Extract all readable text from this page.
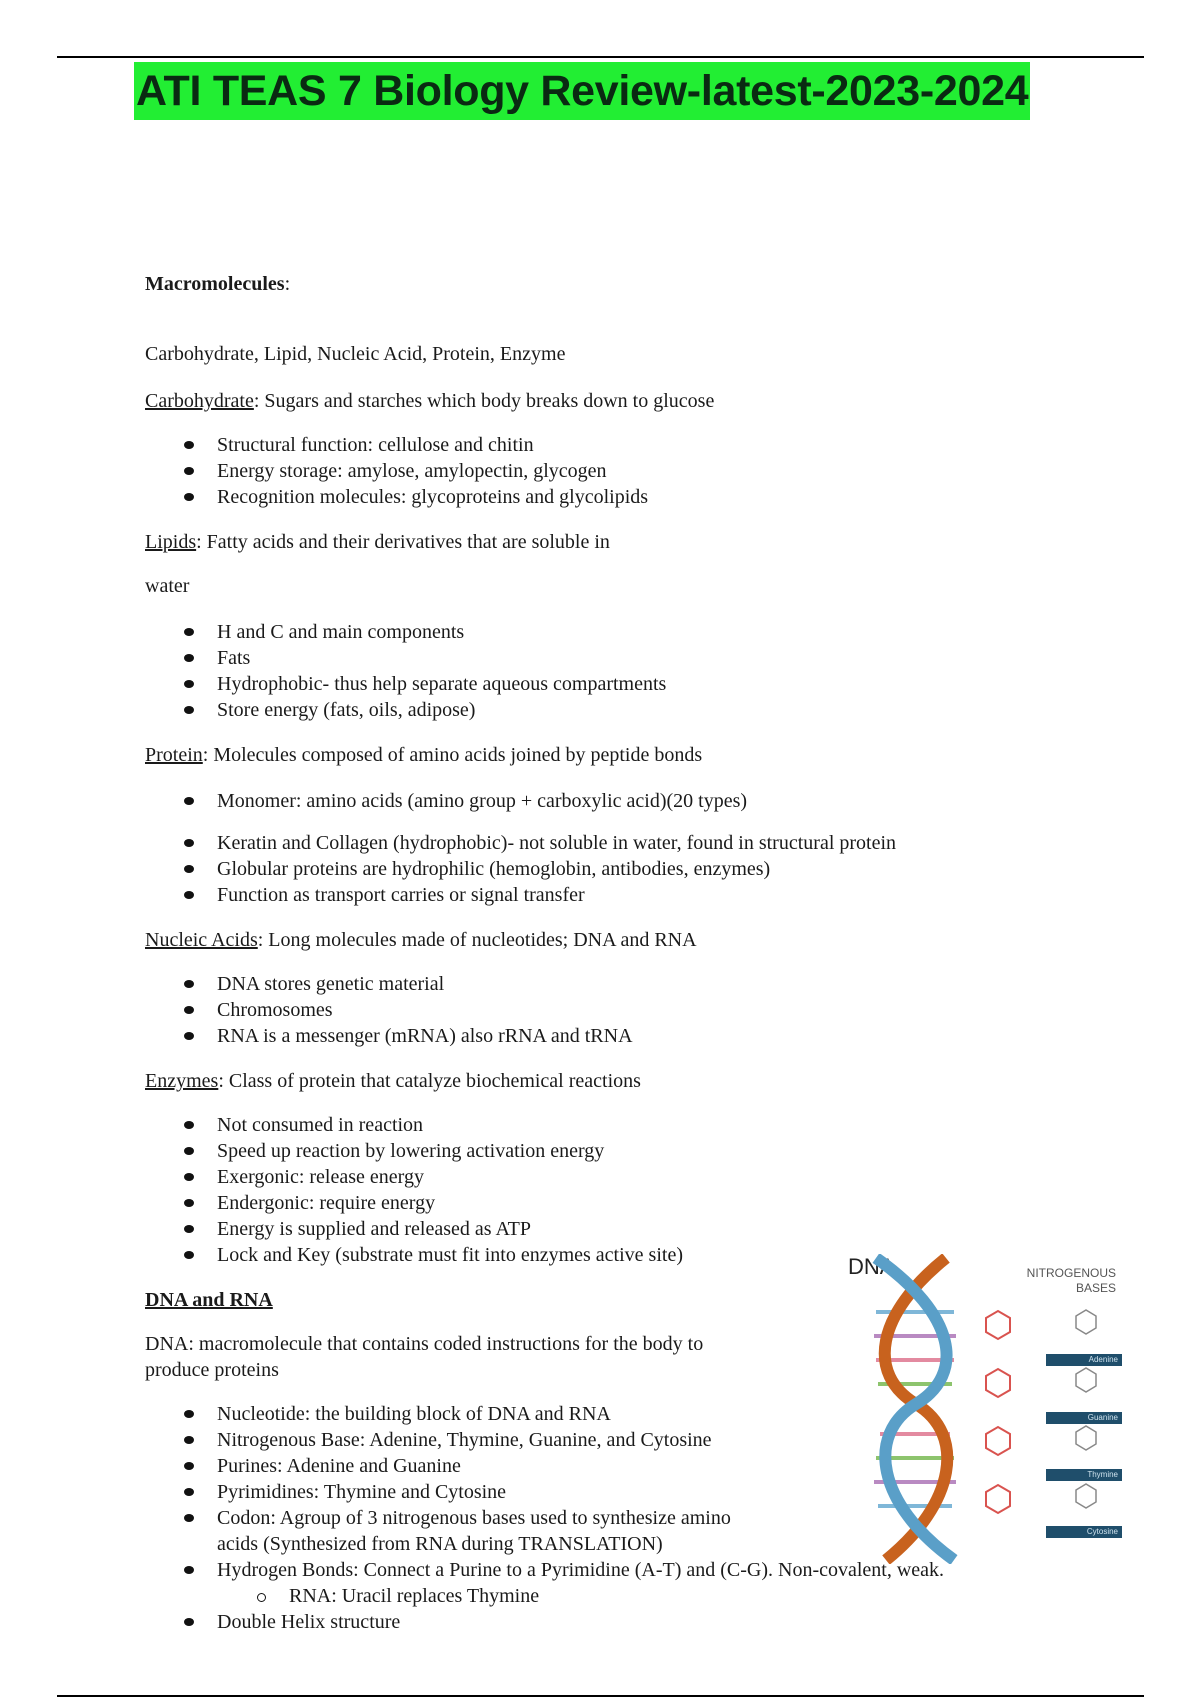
ATI TEAS 7 Biology Review-latest-2023-2024

Macromolecules:

Carbohydrate, Lipid, Nucleic Acid, Protein, Enzyme

Carbohydrate: Sugars and starches which body breaks down to glucose

Structural function: cellulose and chitin
Energy storage: amylose, amylopectin, glycogen
Recognition molecules: glycoproteins and glycolipids

Lipids: Fatty acids and their derivatives that are soluble in

water

H and C and main components
Fats
Hydrophobic- thus help separate aqueous compartments
Store energy (fats, oils, adipose)

Protein: Molecules composed of amino acids joined by peptide bonds

Monomer: amino acids (amino group + carboxylic acid)(20 types)
Keratin and Collagen (hydrophobic)- not soluble in water, found in structural protein
Globular proteins are hydrophilic (hemoglobin, antibodies, enzymes)
Function as transport carries or signal transfer

Nucleic Acids: Long molecules made of nucleotides; DNA and RNA

DNA stores genetic material
Chromosomes
RNA is a messenger (mRNA) also rRNA and tRNA

Enzymes: Class of protein that catalyze biochemical reactions

Not consumed in reaction
Speed up reaction by lowering activation energy
Exergonic: release energy
Endergonic: require energy
Energy is supplied and released as ATP
Lock and Key (substrate must fit into enzymes active site)

DNA and RNA

DNA: macromolecule that contains coded instructions for the body to

produce proteins

Nucleotide: the building block of DNA and RNA
Nitrogenous Base: Adenine, Thymine, Guanine, and Cytosine
Purines: Adenine and Guanine
Pyrimidines: Thymine and Cytosine
Codon: Agroup of 3 nitrogenous bases used to synthesize amino
acids (Synthesized from RNA during TRANSLATION)
Hydrogen Bonds: Connect a Purine to a Pyrimidine (A-T) and (C-G). Non-covalent, weak.
RNA: Uracil replaces Thymine
Double Helix structure
DNA	NITROGENOUS
BASES
Adenine
Guanine
Thymine
Cytosine
